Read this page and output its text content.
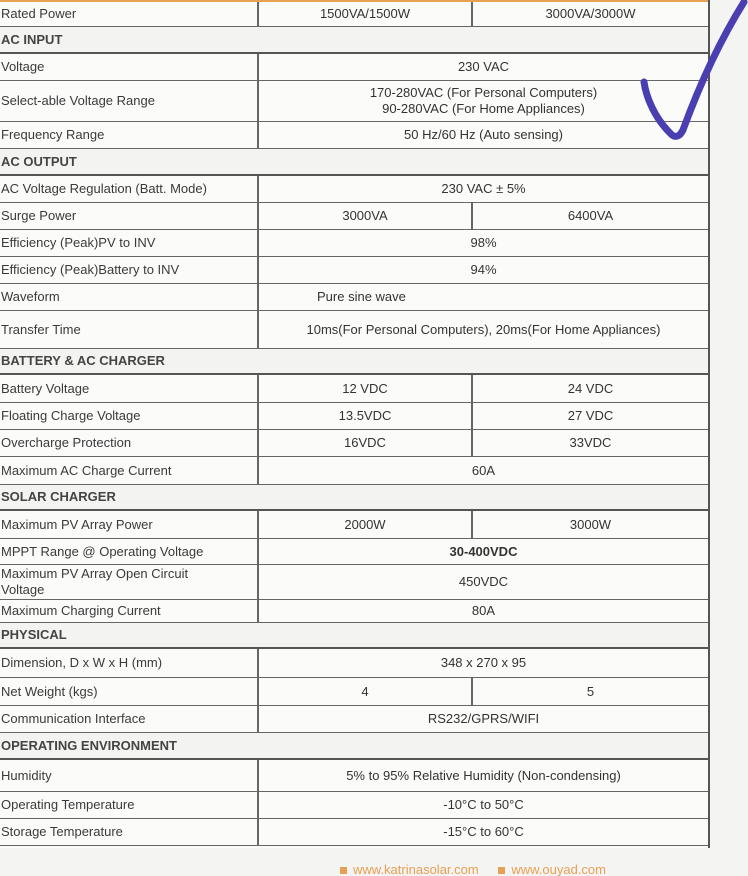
Rated Power	1500VA/1500W	3000VA/3000W
AC INPUT		
Voltage	230 VAC	
Select-able Voltage Range	170-280VAC (For Personal Computers)
90-280VAC (For Home Appliances)	

Frequency Range	50 Hz/60 Hz (Auto sensing)	
AC OUTPUT		
AC Voltage Regulation (Batt. Mode)	230 VAC ± 5%	
Surge Power	3000VA	6400VA
Efficiency (Peak)PV to INV	98%	
Efficiency (Peak)Battery to INV	94%	
Waveform	Pure sine wave	
Transfer Time	10ms(For Personal Computers), 20ms(For Home Appliances)	
BATTERY & AC CHARGER		
Battery Voltage	12 VDC	24 VDC
Floating Charge Voltage	13.5VDC	27 VDC
Overcharge Protection	16VDC	33VDC
Maximum AC Charge Current	60A	
SOLAR CHARGER		
Maximum PV Array Power	2000W	3000W
MPPT Range @ Operating Voltage	30-400VDC	

Maximum PV Array Open Circuit
Voltage	450VDC	
Maximum Charging Current	80A	
PHYSICAL		
Dimension, D x W x H (mm)	348 x 270 x 95	
Net Weight (kgs)	4	5
Communication Interface	RS232/GPRS/WIFI	
OPERATING ENVIRONMENT		
Humidity	5% to 95% Relative Humidity (Non-condensing)	
Operating Temperature	-10°C to 50°C	
Storage Temperature	-15°C to 60°C	
www.katrinasolar.com	www.ouyad.com
